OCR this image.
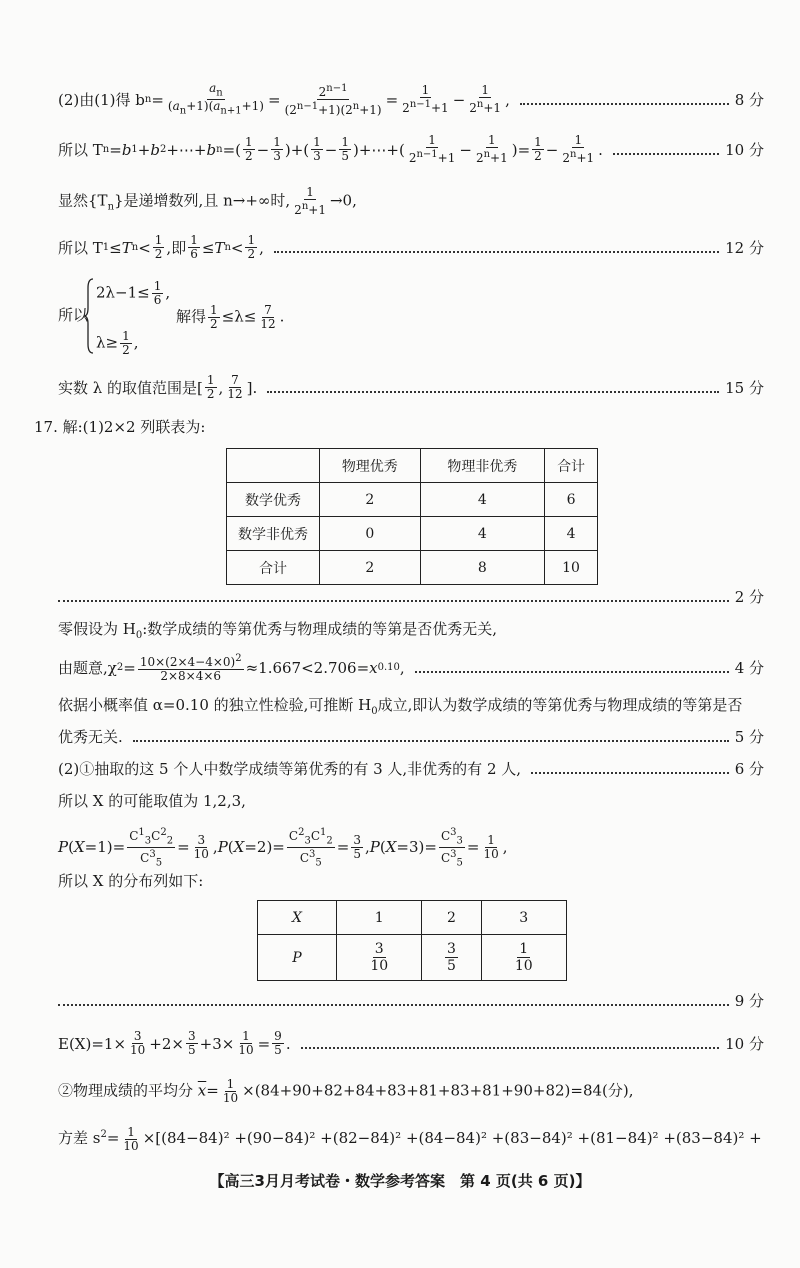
(2)由(1)得 b $n = \frac{a_n}{(a_n+1)(a_{n+1}+1)} = \frac{2^{n-1}}{(2^{n-1}+1)(2^n+1)} = \frac{1}{2^{n-1}+1} - \frac{1}{2^n+1}$ ,	8 分
所以 T n = b 1 + b 2 +⋯+ b n =( $\frac{1}{2} - \frac{1}{3}$ )+( $\frac{1}{3} - \frac{1}{5}$ )+⋯+( $\frac{1}{2^{n-1}+1} - \frac{1}{2^n+1}$ )= $\frac{1}{2} - \frac{1}{2^n+1}$ .	10 分
显然$\{T_n\}$是递增数列,且 n→+∞时, $\frac{1}{2^n+1} \to 0$,
所以 T 1 ≤ T $n < \frac{1}{2}$ ,即 $\frac{1}{6} \le T$ $n < \frac{1}{2}$ ,	12 分
所以
$2\lambda-1\le \frac{1}{6}$ ,
$\lambda\ge \frac{1}{2}$ ,
解得 $\frac{1}{2} \le\lambda\le \frac{7}{12}$ .
实数 λ 的取值范围是[ $\frac{1}{2}$ , $\frac{7}{12}$ ].	15 分
17. 解:(1)2×2 列联表为:
	物理优秀	物理非优秀	合计
数学优秀	2	4	6
数学非优秀	0	4	4
合计	2	8	10
2 分
零假设为 $H_0$:数学成绩的等第优秀与物理成绩的等第是否优秀无关,
由题意,χ $2 = \frac{10\times(2\times 4-4\times 0)^2}{2\times 8\times 4\times 6} \approx 1.667<2.706= x$ 0.10 ,	4 分
依据小概率值 α=0.10 的独立性检验,可推断 $H_0$成立,即认为数学成绩的等第优秀与物理成绩的等第是否
优秀无关.	5 分
(2)①抽取的这 5 个人中数学成绩等第优秀的有 3 人,非优秀的有 2 人,	6 分
所以 X 的可能取值为 1,2,3,
$P(X=1)= \frac{C^1_3C^2_2}{C^3_5} = \frac{3}{10} ,P(X=2)= \frac{C^2_3C^1_2}{C^3_5} = \frac{3}{5} ,P(X=3)= \frac{C^3_3}{C^3_5} = \frac{1}{10}$ ,
所以 X 的分布列如下:
X	1	2	3
P	$\frac{3}{10}$	$\frac{3}{5}$	$\frac{1}{10}$
9 分
$E(X)=1\times \frac{3}{10} +2\times \frac{3}{5} +3\times \frac{1}{10} = \frac{9}{5}$ .	10 分
②物理成绩的平均分 $\overline{x}= \frac{1}{10} \times(84+90+82+84+83+81+83+81+90+82)=84$(分),
方差 $s^2= \frac{1}{10} \times[(84-84)^2 +(90-84)^2 +(82-84)^2 +(84-84)^2 +(83-84)^2 +(81-84)^2 +(83-84)^2$ +
【高三3月月考试卷・数学参考答案　第 4 页(共 6 页)】
